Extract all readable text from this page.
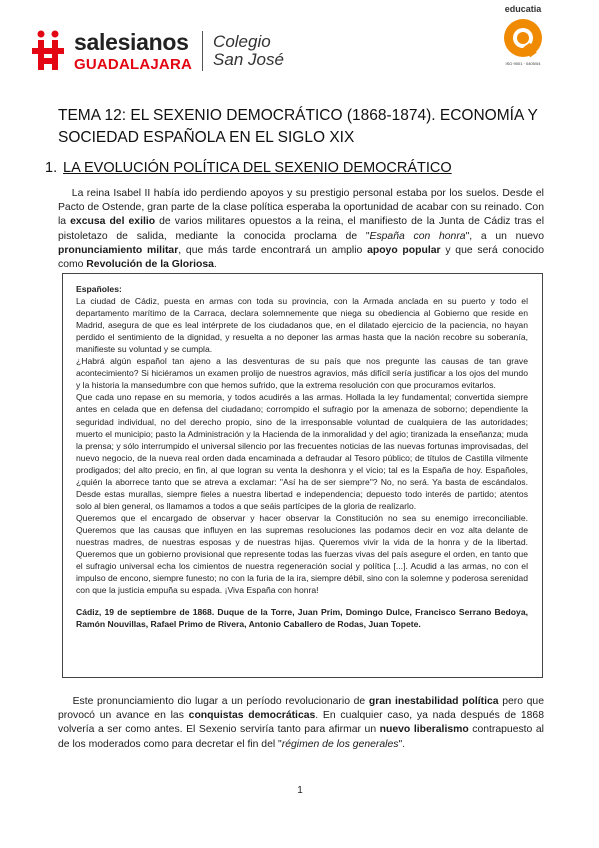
salesianos
GUADALAJARA
Colegio
San José
educatia
ISO 9001 · 0405/04
TEMA 12: EL SEXENIO DEMOCRÁTICO (1868-1874). ECONOMÍA Y SOCIEDAD ESPAÑOLA EN EL SIGLO XIX
1. LA EVOLUCIÓN POLÍTICA DEL SEXENIO DEMOCRÁTICO
La reina Isabel II había ido perdiendo apoyos y su prestigio personal estaba por los suelos. Desde el Pacto de Ostende, gran parte de la clase política esperaba la oportunidad de acabar con su reinado. Con la excusa del exilio de varios militares opuestos a la reina, el manifiesto de la Junta de Cádiz tras el pistoletazo de salida, mediante la conocida proclama de "España con honra", a un nuevo pronunciamiento militar, que más tarde encontrará un amplio apoyo popular y que será conocido como Revolución de la Gloriosa.

Españoles:

La ciudad de Cádiz, puesta en armas con toda su provincia, con la Armada anclada en su puerto y todo el departamento marítimo de la Carraca, declara solemnemente que niega su obediencia al Gobierno que reside en Madrid, asegura de que es leal intérprete de los ciudadanos que, en el dilatado ejercicio de la paciencia, no hayan perdido el sentimiento de la dignidad, y resuelta a no deponer las armas hasta que la nación recobre su soberanía, manifieste su voluntad y se cumpla.

¿Habrá algún español tan ajeno a las desventuras de su país que nos pregunte las causas de tan grave acontecimiento? Si hiciéramos un examen prolijo de nuestros agravios, más difícil sería justificar a los ojos del mundo y la historia la mansedumbre con que hemos sufrido, que la extrema resolución con que procuramos evitarlos.

Que cada uno repase en su memoria, y todos acudirés a las armas. Hollada la ley fundamental; convertida siempre antes en celada que en defensa del ciudadano; corrompido el sufragio por la amenaza de soborno; dependiente la seguridad individual, no del derecho propio, sino de la irresponsable voluntad de cualquiera de las autoridades; muerto el municipio; pasto la Administración y la Hacienda de la inmoralidad y del agio; tiranizada la enseñanza; muda la prensa; y sólo interrumpido el universal silencio por las frecuentes noticias de las nuevas fortunas improvisadas, del nuevo negocio, de la nueva real orden dada encaminada a defraudar al Tesoro público; de títulos de Castilla vilmente prodigados; del alto precio, en fin, al que logran su venta la deshonra y el vicio; tal es la España de hoy. Españoles, ¿quién la aborrece tanto que se atreva a exclamar: "Así ha de ser siempre"? No, no será. Ya basta de escándalos. Desde estas murallas, siempre fieles a nuestra libertad e independencia; depuesto todo interés de partido; atentos solo al bien general, os llamamos a todos a que seáis partícipes de la gloria de realizarlo.

Queremos que el encargado de observar y hacer observar la Constitución no sea su enemigo irreconciliable. Queremos que las causas que influyen en las supremas resoluciones las podamos decir en voz alta delante de nuestras madres, de nuestras esposas y de nuestras hijas. Queremos vivir la vida de la honra y de la libertad. Queremos que un gobierno provisional que represente todas las fuerzas vivas del país asegure el orden, en tanto que el sufragio universal echa los cimientos de nuestra regeneración social y política [...]. Acudid a las armas, no con el impulso de encono, siempre funesto; no con la furia de la ira, siempre débil, sino con la solemne y poderosa serenidad con que la justicia empuña su espada. ¡Viva España con honra!

Cádiz, 19 de septiembre de 1868. Duque de la Torre, Juan Prim, Domingo Dulce, Francisco Serrano Bedoya, Ramón Nouvillas, Rafael Primo de Rivera, Antonio Caballero de Rodas, Juan Topete.

Este pronunciamiento dio lugar a un período revolucionario de gran inestabilidad política pero que provocó un avance en las conquistas democráticas. En cualquier caso, ya nada después de 1868 volvería a ser como antes. El Sexenio serviría tanto para afirmar un nuevo liberalismo contrapuesto al de los moderados como para decretar el fin del "régimen de los generales".
1
